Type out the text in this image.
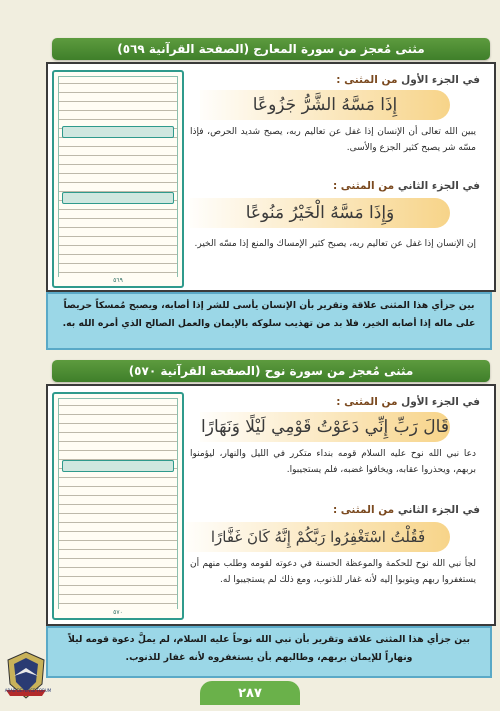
مثنى مُعجز من سورة المعارج (الصفحة القرآنية ٥٦٩)
٥٦٩
في الجزء الأول من المثنى :
إِذَا مَسَّهُ الشَّرُّ جَزُوعًا
يبين الله تعالى أن الإنسان إذا غفل عن تعاليم ربه، يصبح شديد الحرص، فإذا مسّه شر يصبح كثير الجزع والأسى.
في الجزء الثاني من المثنى :
وَإِذَا مَسَّهُ الْخَيْرُ مَنُوعًا
إن الإنسان إذا غفل عن تعاليم ربه، يصبح كثير الإمساك والمنع إذا مسّه الخير.
بين جزأي هذا المثنى علاقة وتقرير بأن الإنسان يأسى للشر إذا أصابه، ويصبح مُمسكاً حريصاً على ماله إذا أصابه الخير، فلا بد من تهذيب سلوكه بالإيمان والعمل الصالح الذي أمره الله به.
مثنى مُعجز من سورة نوح (الصفحة القرآنية ٥٧٠)
٥٧٠
في الجزء الأول من المثنى :
قَالَ رَبِّ إِنِّي دَعَوْتُ قَوْمِي لَيْلًا وَنَهَارًا
دعا نبي الله نوح عليه السلام قومه بنداء متكرر في الليل والنهار، ليؤمنوا بربهم، ويحذروا عقابه، ويخافوا غضبه، فلم يستجيبوا.
في الجزء الثاني من المثنى :
فَقُلْتُ اسْتَغْفِرُوا رَبَّكُمْ إِنَّهُ كَانَ غَفَّارًا
لجأ نبي الله نوح للحكمة والموعظة الحسنة في دعوته لقومه وطلب منهم أن يستغفروا ربهم ويتوبوا إليه لأنه غفار للذنوب، ومع ذلك لم يستجيبوا له.
بين جزأي هذا المثنى علاقة وتقرير بأن نبي الله نوحاً عليه السلام، لم يملَّ دعوة قومه ليلاً ونهاراً للإيمان بربهم، وطالبهم بأن يستغفروه لأنه غفار للذنوب.
٢٨٧
ARAB DEFENSE FORUM
